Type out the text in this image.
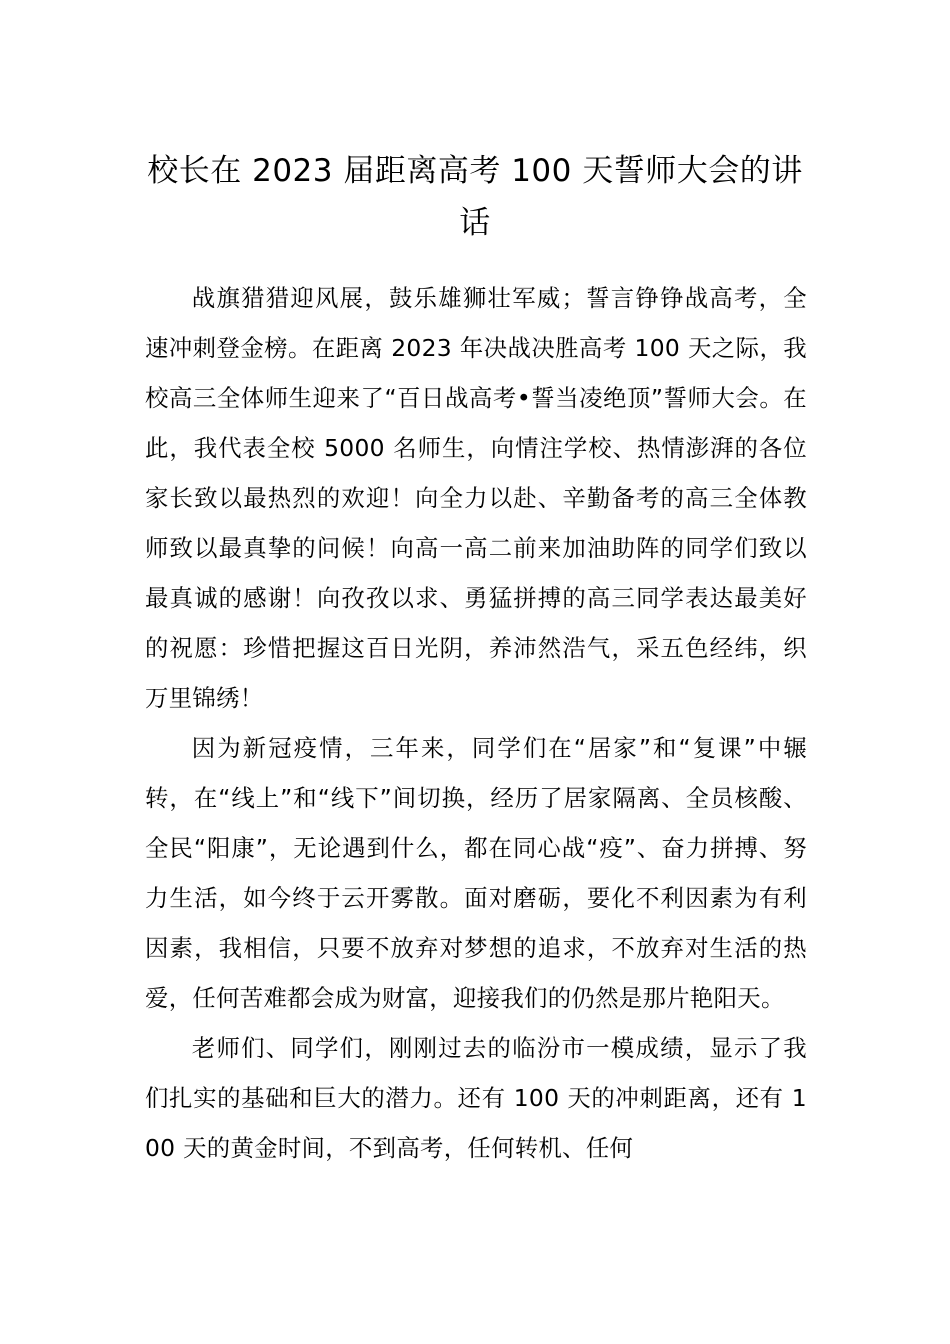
校长在 2023 届距离高考 100 天誓师大会的讲话

战旗猎猎迎风展，鼓乐雄狮壮军威；誓言铮铮战高考，全速冲刺登金榜。在距离 2023 年决战决胜高考 100 天之际，我校高三全体师生迎来了“百日战高考•誓当凌绝顶”誓师大会。在此，我代表全校 5000 名师生，向情注学校、热情澎湃的各位家长致以最热烈的欢迎！向全力以赴、辛勤备考的高三全体教师致以最真挚的问候！向高一高二前来加油助阵的同学们致以最真诚的感谢！向孜孜以求、勇猛拼搏的高三同学表达最美好的祝愿：珍惜把握这百日光阴，养沛然浩气，采五色经纬，织万里锦绣！

因为新冠疫情，三年来，同学们在“居家”和“复课”中辗转，在“线上”和“线下”间切换，经历了居家隔离、全员核酸、全民“阳康”，无论遇到什么，都在同心战“疫”、奋力拼搏、努力生活，如今终于云开雾散。面对磨砺，要化不利因素为有利因素，我相信，只要不放弃对梦想的追求，不放弃对生活的热爱，任何苦难都会成为财富，迎接我们的仍然是那片艳阳天。

老师们、同学们，刚刚过去的临汾市一模成绩，显示了我们扎实的基础和巨大的潜力。还有 100 天的冲刺距离，还有 100 天的黄金时间，不到高考，任何转机、任何
